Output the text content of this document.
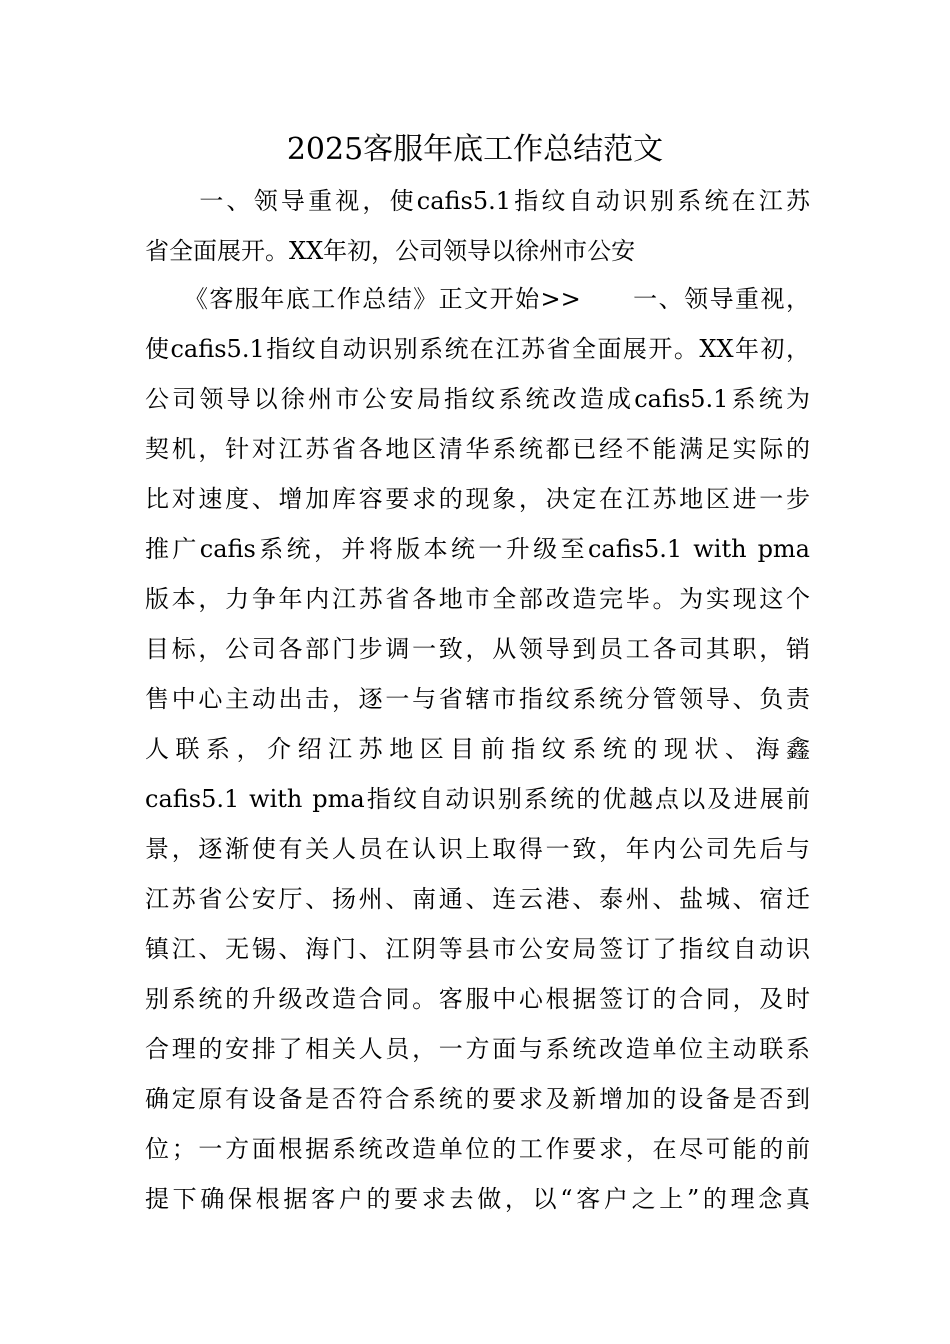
2025客服年底工作总结范文
　　一、领导重视，使cafis5.1指纹自动识别系统在江苏
省全面展开。XX年初，公司领导以徐州市公安
　　《客服年底工作总结》正文开始>>　　一、领导重视，
使cafis5.1指纹自动识别系统在江苏省全面展开。XX年初，
公司领导以徐州市公安局指纹系统改造成cafis5.1系统为
契机，针对江苏省各地区清华系统都已经不能满足实际的
比对速度、增加库容要求的现象，决定在江苏地区进一步
推广cafis系统，并将版本统一升级至cafis5.1 with pma
版本，力争年内江苏省各地市全部改造完毕。为实现这个
目标，公司各部门步调一致，从领导到员工各司其职，销
售中心主动出击，逐一与省辖市指纹系统分管领导、负责
人联系，介绍江苏地区目前指纹系统的现状、海鑫
cafis5.1 with pma指纹自动识别系统的优越点以及进展前
景，逐渐使有关人员在认识上取得一致，年内公司先后与
江苏省公安厅、扬州、南通、连云港、泰州、盐城、宿迁
镇江、无锡、海门、江阴等县市公安局签订了指纹自动识
别系统的升级改造合同。客服中心根据签订的合同，及时
合理的安排了相关人员，一方面与系统改造单位主动联系
确定原有设备是否符合系统的要求及新增加的设备是否到
位；一方面根据系统改造单位的工作要求，在尽可能的前
提下确保根据客户的要求去做，以“客户之上”的理念真
